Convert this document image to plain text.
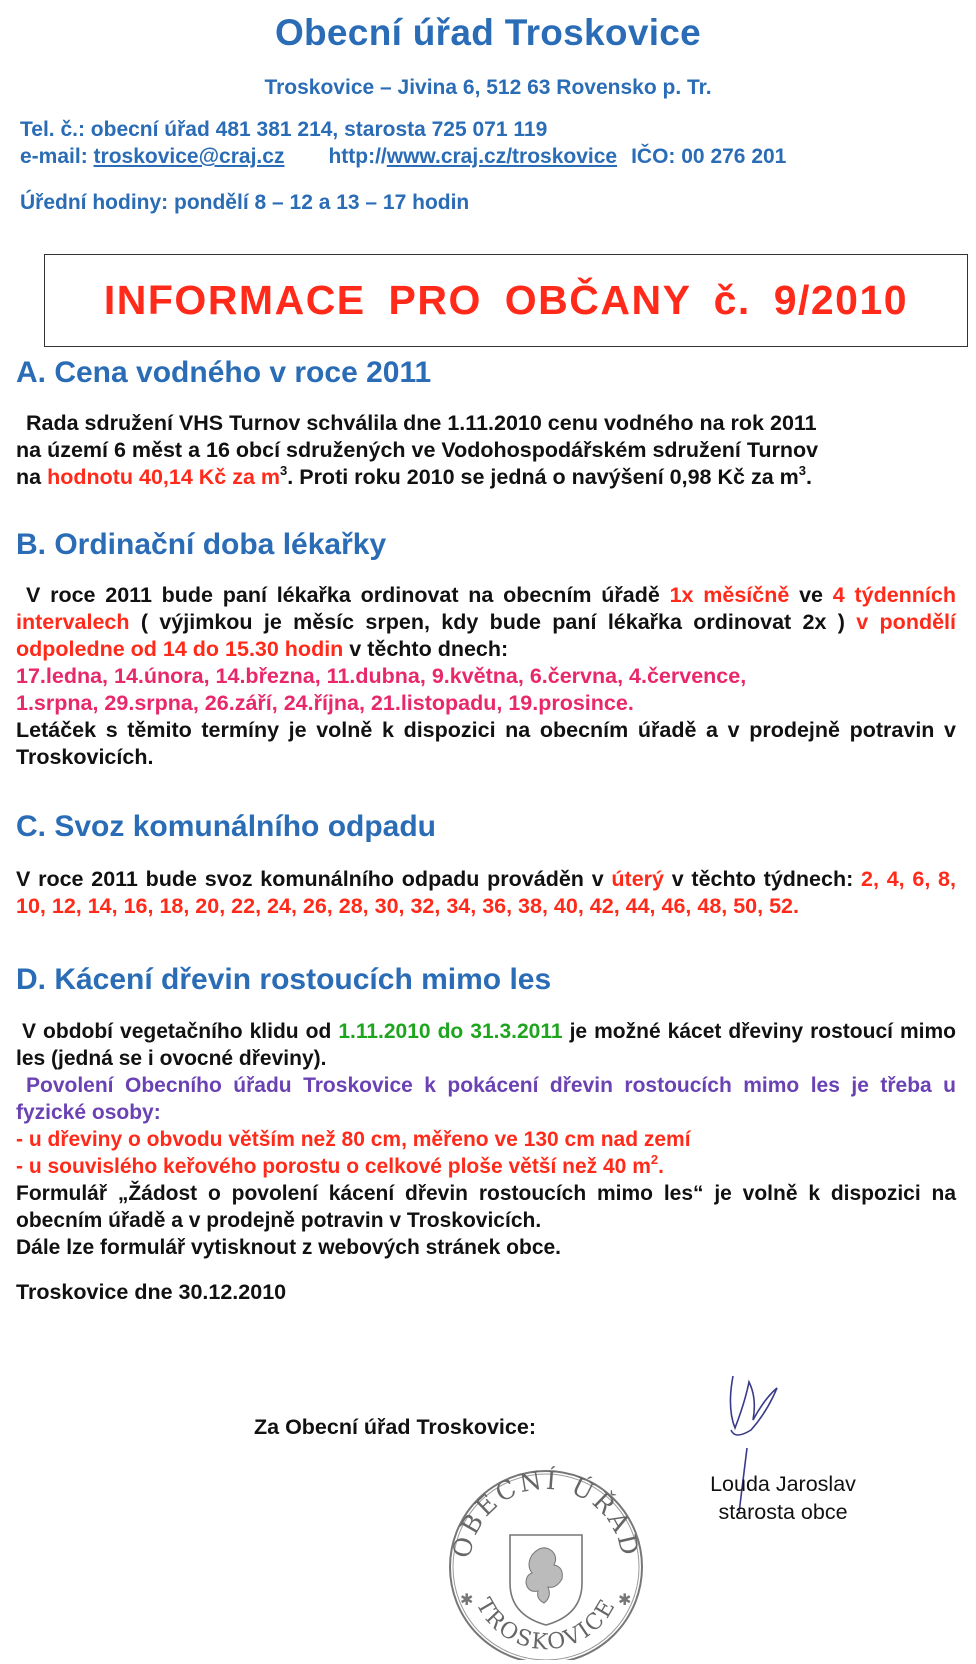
Obecní úřad Troskovice
Troskovice – Jivina 6, 512 63 Rovensko p. Tr.
Tel. č.: obecní úřad 481 381 214, starosta 725 071 119
e-mail: troskovice@craj.cz http://www.craj.cz/troskovice IČO: 00 276 201
Úřední hodiny: pondělí 8 – 12 a 13 – 17 hodin
INFORMACE PRO OBČANY č. 9/2010
A. Cena vodného v roce 2011

Rada sdružení VHS Turnov schválila dne 1.11.2010 cenu vodného na rok 2011

na území 6 měst a 16 obcí sdružených ve Vodohospodářském sdružení Turnov

na hodnotu 40,14 Kč za $m^3$. Proti roku 2010 se jedná o navýšení 0,98 Kč za $m^3$.

B. Ordinační doba lékařky

V roce 2011 bude paní lékařka ordinovat na obecním úřadě 1x měsíčně ve 4 týdenních intervalech ( výjimkou je měsíc srpen, kdy bude paní lékařka ordinovat 2x ) v pondělí odpoledne od 14 do 15.30 hodin v těchto dnech:

17.ledna, 14.února, 14.března, 11.dubna, 9.května, 6.června, 4.července,

1.srpna, 29.srpna, 26.září, 24.října, 21.listopadu, 19.prosince.

Letáček s těmito termíny je volně k dispozici na obecním úřadě a v prodejně potravin v Troskovicích.

C. Svoz komunálního odpadu

V roce 2011 bude svoz komunálního odpadu prováděn v úterý v těchto týdnech: 2, 4, 6, 8, 10, 12, 14, 16, 18, 20, 22, 24, 26, 28, 30, 32, 34, 36, 38, 40, 42, 44, 46, 48, 50, 52.

D. Kácení dřevin rostoucích mimo les

V období vegetačního klidu od 1.11.2010 do 31.3.2011 je možné kácet dřeviny rostoucí mimo les (jedná se i ovocné dřeviny).

Povolení Obecního úřadu Troskovice k pokácení dřevin rostoucích mimo les je třeba u fyzické osoby:

- u dřeviny o obvodu větším než 80 cm, měřeno ve 130 cm nad zemí

- u souvislého keřového porostu o celkové ploše větší než 40 $m^2$.

Formulář „Žádost o povolení kácení dřevin rostoucích mimo les“ je volně k dispozici na obecním úřadě a v prodejně potravin v Troskovicích.

Dále lze formulář vytisknout z webových stránek obce.

Troskovice dne 30.12.2010
Za Obecní úřad Troskovice:
OBECNÍ ÚŘAD
TROSKOVICE
✱	✱
Louda Jaroslav
starosta obce
